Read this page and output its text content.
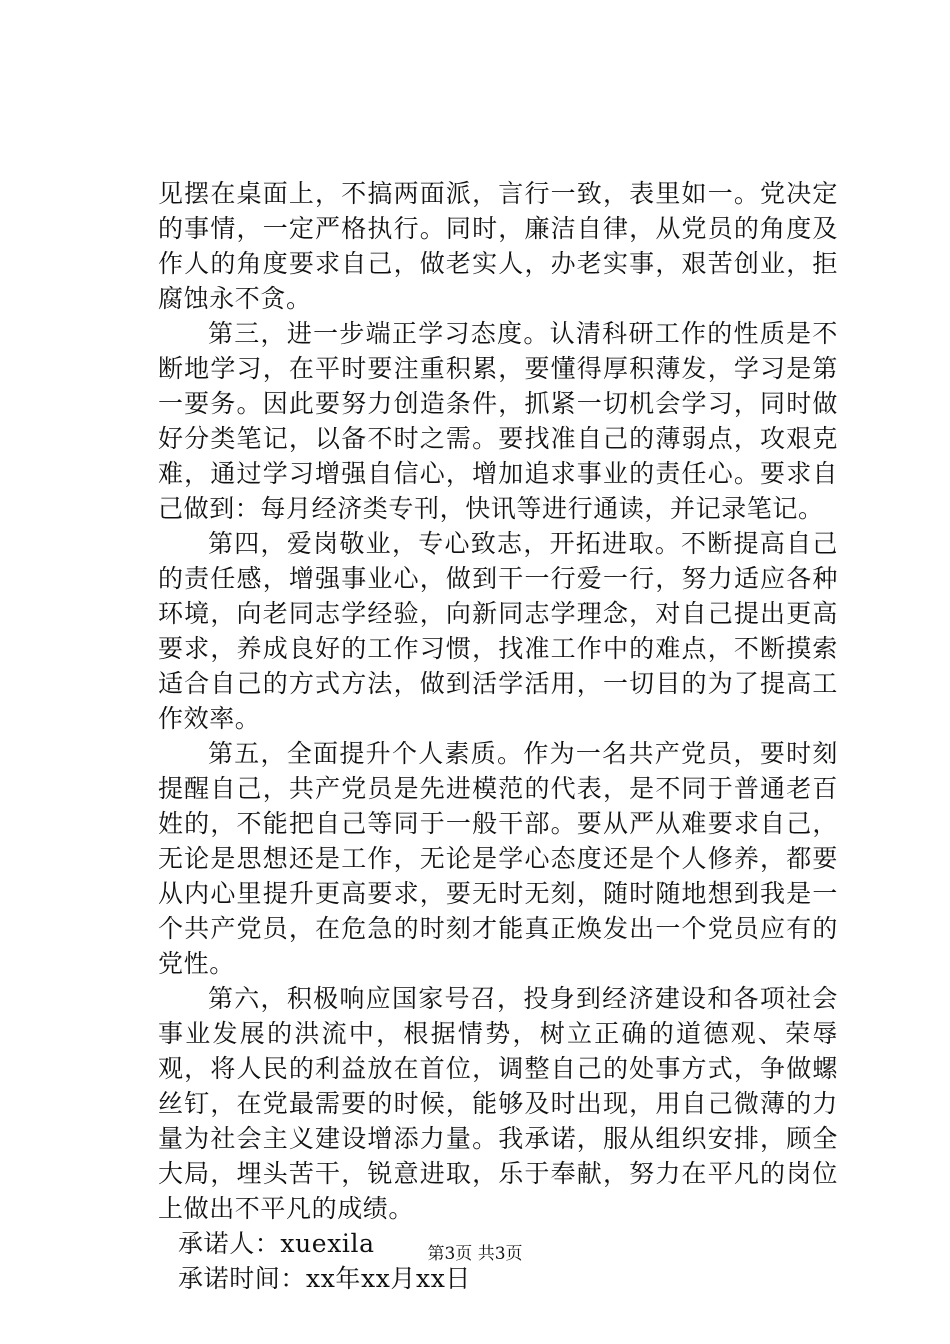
见摆在桌面上，不搞两面派，言行一致，表里如一。党决定的事情，一定严格执行。同时，廉洁自律，从党员的角度及作人的角度要求自己，做老实人，办老实事，艰苦创业，拒腐蚀永不贪。

第三，进一步端正学习态度。认清科研工作的性质是不断地学习，在平时要注重积累，要懂得厚积薄发，学习是第一要务。因此要努力创造条件，抓紧一切机会学习，同时做好分类笔记，以备不时之需。要找准自己的薄弱点，攻艰克难，通过学习增强自信心，增加追求事业的责任心。要求自己做到：每月经济类专刊，快讯等进行通读，并记录笔记。

第四，爱岗敬业，专心致志，开拓进取。不断提高自己的责任感，增强事业心，做到干一行爱一行，努力适应各种环境，向老同志学经验，向新同志学理念，对自己提出更高要求，养成良好的工作习惯，找准工作中的难点，不断摸索适合自己的方式方法，做到活学活用，一切目的为了提高工作效率。

第五，全面提升个人素质。作为一名共产党员，要时刻提醒自己，共产党员是先进模范的代表，是不同于普通老百姓的，不能把自己等同于一般干部。要从严从难要求自己，无论是思想还是工作，无论是学心态度还是个人修养，都要从内心里提升更高要求，要无时无刻，随时随地想到我是一个共产党员，在危急的时刻才能真正焕发出一个党员应有的党性。

第六，积极响应国家号召，投身到经济建设和各项社会事业发展的洪流中，根据情势，树立正确的道德观、荣辱观，将人民的利益放在首位，调整自己的处事方式，争做螺丝钉，在党最需要的时候，能够及时出现，用自己微薄的力量为社会主义建设增添力量。我承诺，服从组织安排，顾全大局，埋头苦干，锐意进取，乐于奉献，努力在平凡的岗位上做出不平凡的成绩。

承诺人：xuexila

承诺时间：xx年xx月xx日

第3页 共3页
